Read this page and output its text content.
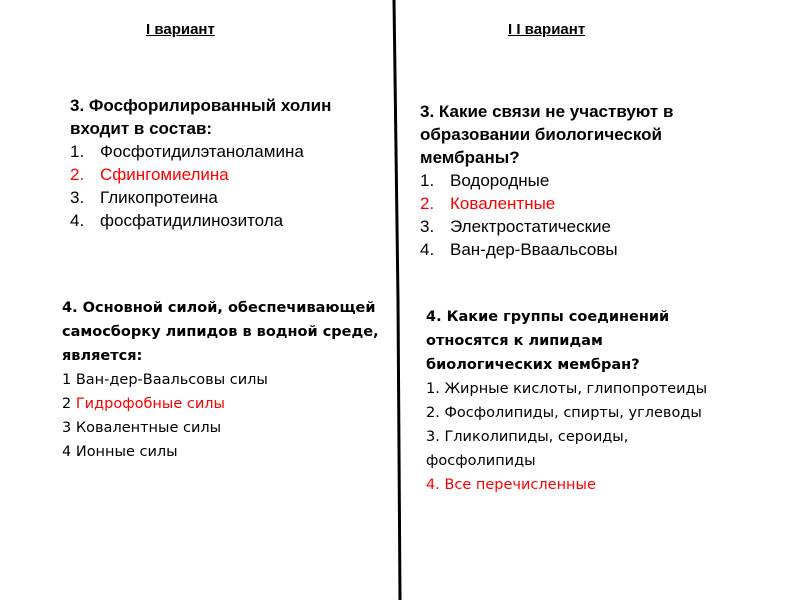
I вариант	I I вариант
3. Фосфорилированный холин входит в состав:
1. Фосфотидилэтаноламина
2. Сфингомиелина
3. Гликопротеина
4. фосфатидилинозитола
3. Какие связи не участвуют в образовании биологической мембраны?
1. Водородные
2. Ковалентные
3. Электростатические
4. Ван-дер-Вваальсовы
4. Основной силой, обеспечивающей самосборку липидов в водной среде, является:
1 Ван-дер-Ваальсовы силы
2 Гидрофобные силы
3 Ковалентные силы
4 Ионные силы
4. Какие группы соединений относятся к липидам биологических мембран?
1. Жирные кислоты, глипопротеиды
2. Фосфолипиды, спирты, углеводы
3. Гликолипиды, сероиды, фосфолипиды
4. Все перечисленные
